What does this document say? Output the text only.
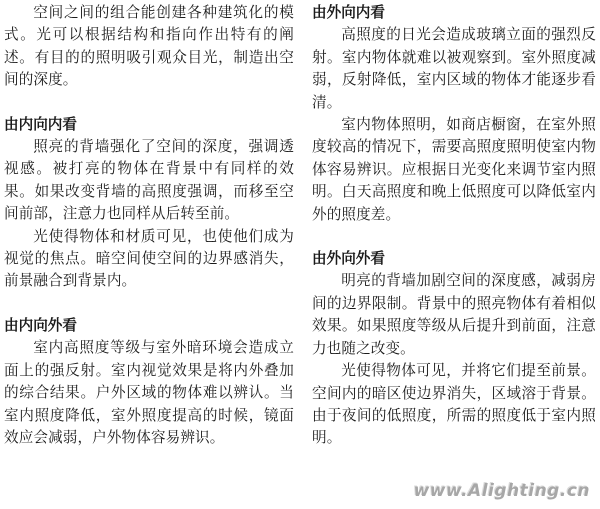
空间之间的组合能创建各种建筑化的模式。光可以根据结构和指向作出特有的阐述。有目的的照明吸引观众目光，制造出空间的深度。

由内向内看

照亮的背墙强化了空间的深度，强调透视感。被打亮的物体在背景中有同样的效果。如果改变背墙的高照度强调，而移至空间前部，注意力也同样从后转至前。

光使得物体和材质可见，也使他们成为视觉的焦点。暗空间使空间的边界感消失，前景融合到背景内。

由内向外看

室内高照度等级与室外暗环境会造成立面上的强反射。室内视觉效果是将内外叠加的综合结果。户外区域的物体难以辨认。当室内照度降低，室外照度提高的时候，镜面效应会减弱，户外物体容易辨识。

由外向内看

高照度的日光会造成玻璃立面的强烈反射。室内物体就难以被观察到。室外照度减弱，反射降低，室内区域的物体才能逐步看清。

室内物体照明，如商店橱窗，在室外照度较高的情况下，需要高照度照明使室内物体容易辨识。应根据日光变化来调节室内照明。白天高照度和晚上低照度可以降低室内外的照度差。

由外向外看

明亮的背墙加剧空间的深度感，减弱房间的边界限制。背景中的照亮物体有着相似效果。如果照度等级从后提升到前面，注意力也随之改变。

光使得物体可见，并将它们提至前景。空间内的暗区使边界消失，区域溶于背景。由于夜间的低照度，所需的照度低于室内照明。

www.Alighting.cn
